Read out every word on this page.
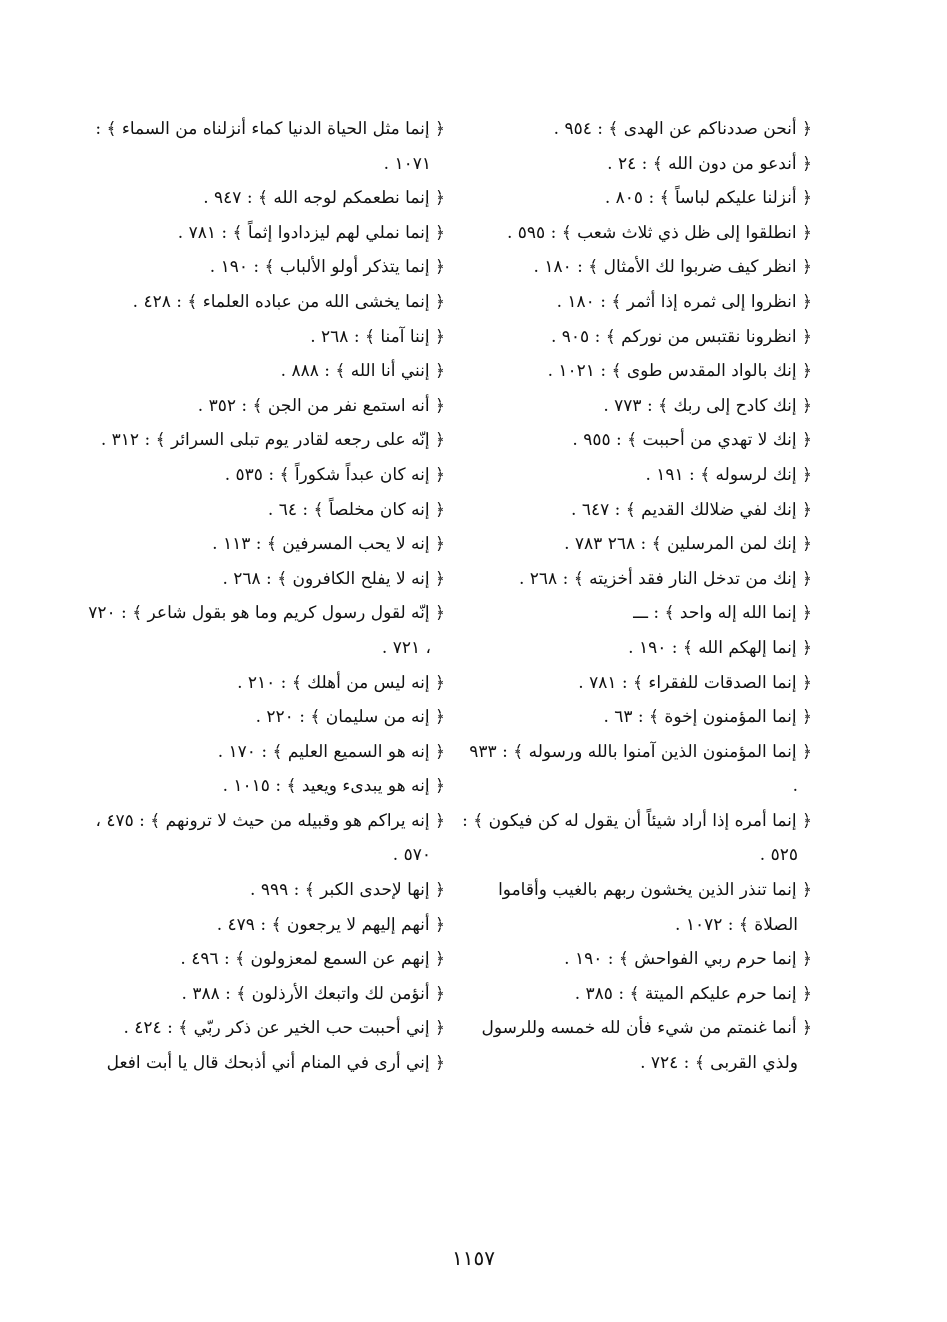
﴿ أنحن صددناكم عن الهدى ﴾ : ٩٥٤ .

﴿ أندعو من دون الله ﴾ : ٢٤ .

﴿ أنزلنا عليكم لباساً ﴾ : ٨٠٥ .

﴿ انطلقوا إلى ظل ذي ثلاث شعب ﴾ : ٥٩٥ .

﴿ انظر كيف ضربوا لك الأمثال ﴾ : ١٨٠ .

﴿ انظروا إلى ثمره إذا أثمر ﴾ : ١٨٠ .

﴿ انظرونا نقتبس من نوركم ﴾ : ٩٠٥ .

﴿ إنك بالواد المقدس طوى ﴾ : ١٠٢١ .

﴿ إنك كادح إلى ربك ﴾ : ٧٧٣ .

﴿ إنك لا تهدي من أحببت ﴾ : ٩٥٥ .

﴿ إنك لرسوله ﴾ : ١٩١ .

﴿ إنك لفي ضلالك القديم ﴾ : ٦٤٧ .

﴿ إنك لمن المرسلين ﴾ : ٢٦٨ ٧٨٣ .

﴿ إنك من تدخل النار فقد أخزيته ﴾ : ٢٦٨ .

﴿ إنما الله إله واحد ﴾ : ـــ

﴿ إنما إلهكم الله ﴾ : ١٩٠ .

﴿ إنما الصدقات للفقراء ﴾ : ٧٨١ .

﴿ إنما المؤمنون إخوة ﴾ : ٦٣ .

﴿ إنما المؤمنون الذين آمنوا بالله ورسوله ﴾ : ٩٣٣ .

﴿ إنما أمره إذا أراد شيئاً أن يقول له كن فيكون ﴾ : ٥٢٥ .

﴿ إنما تنذر الذين يخشون ربهم بالغيب وأقاموا الصلاة ﴾ : ١٠٧٢ .

﴿ إنما حرم ربي الفواحش ﴾ : ١٩٠ .

﴿ إنما حرم عليكم الميتة ﴾ : ٣٨٥ .

﴿ أنما غنمتم من شيء فأن لله خمسه وللرسول ولذي القربى ﴾ : ٧٢٤ .

﴿ إنما مثل الحياة الدنيا كماء أنزلناه من السماء ﴾ : ١٠٧١ .

﴿ إنما نطعمكم لوجه الله ﴾ : ٩٤٧ .

﴿ إنما نملي لهم ليزدادوا إثماً ﴾ : ٧٨١ .

﴿ إنما يتذكر أولو الألباب ﴾ : ١٩٠ .

﴿ إنما يخشى الله من عباده العلماء ﴾ : ٤٢٨ .

﴿ إننا آمنا ﴾ : ٢٦٨ .

﴿ إنني أنا الله ﴾ : ٨٨٨ .

﴿ أنه استمع نفر من الجن ﴾ : ٣٥٢ .

﴿ إنّه على رجعه لقادر يوم تبلى السرائر ﴾ : ٣١٢ .

﴿ إنه كان عبداً شكوراً ﴾ : ٥٣٥ .

﴿ إنه كان مخلصاً ﴾ : ٦٤ .

﴿ إنه لا يحب المسرفين ﴾ : ١١٣ .

﴿ إنه لا يفلح الكافرون ﴾ : ٢٦٨ .

﴿ إنّه لقول رسول كريم وما هو بقول شاعر ﴾ : ٧٢٠ ، ٧٢١ .

﴿ إنه ليس من أهلك ﴾ : ٢١٠ .

﴿ إنه من سليمان ﴾ : ٢٢٠ .

﴿ إنه هو السميع العليم ﴾ : ١٧٠ .

﴿ إنه هو يبدىء ويعيد ﴾ : ١٠١٥ .

﴿ إنه يراكم هو وقبيله من حيث لا ترونهم ﴾ : ٤٧٥ ، ٥٧٠ .

﴿ إنها لإحدى الكبر ﴾ : ٩٩٩ .

﴿ أنهم إليهم لا يرجعون ﴾ : ٤٧٩ .

﴿ إنهم عن السمع لمعزولون ﴾ : ٤٩٦ .

﴿ أنؤمن لك واتبعك الأرذلون ﴾ : ٣٨٨ .

﴿ إني أحببت حب الخير عن ذكر ربّي ﴾ : ٤٢٤ .

﴿ إني أرى في المنام أني أذبحك قال يا أبت افعل

١١٥٧
